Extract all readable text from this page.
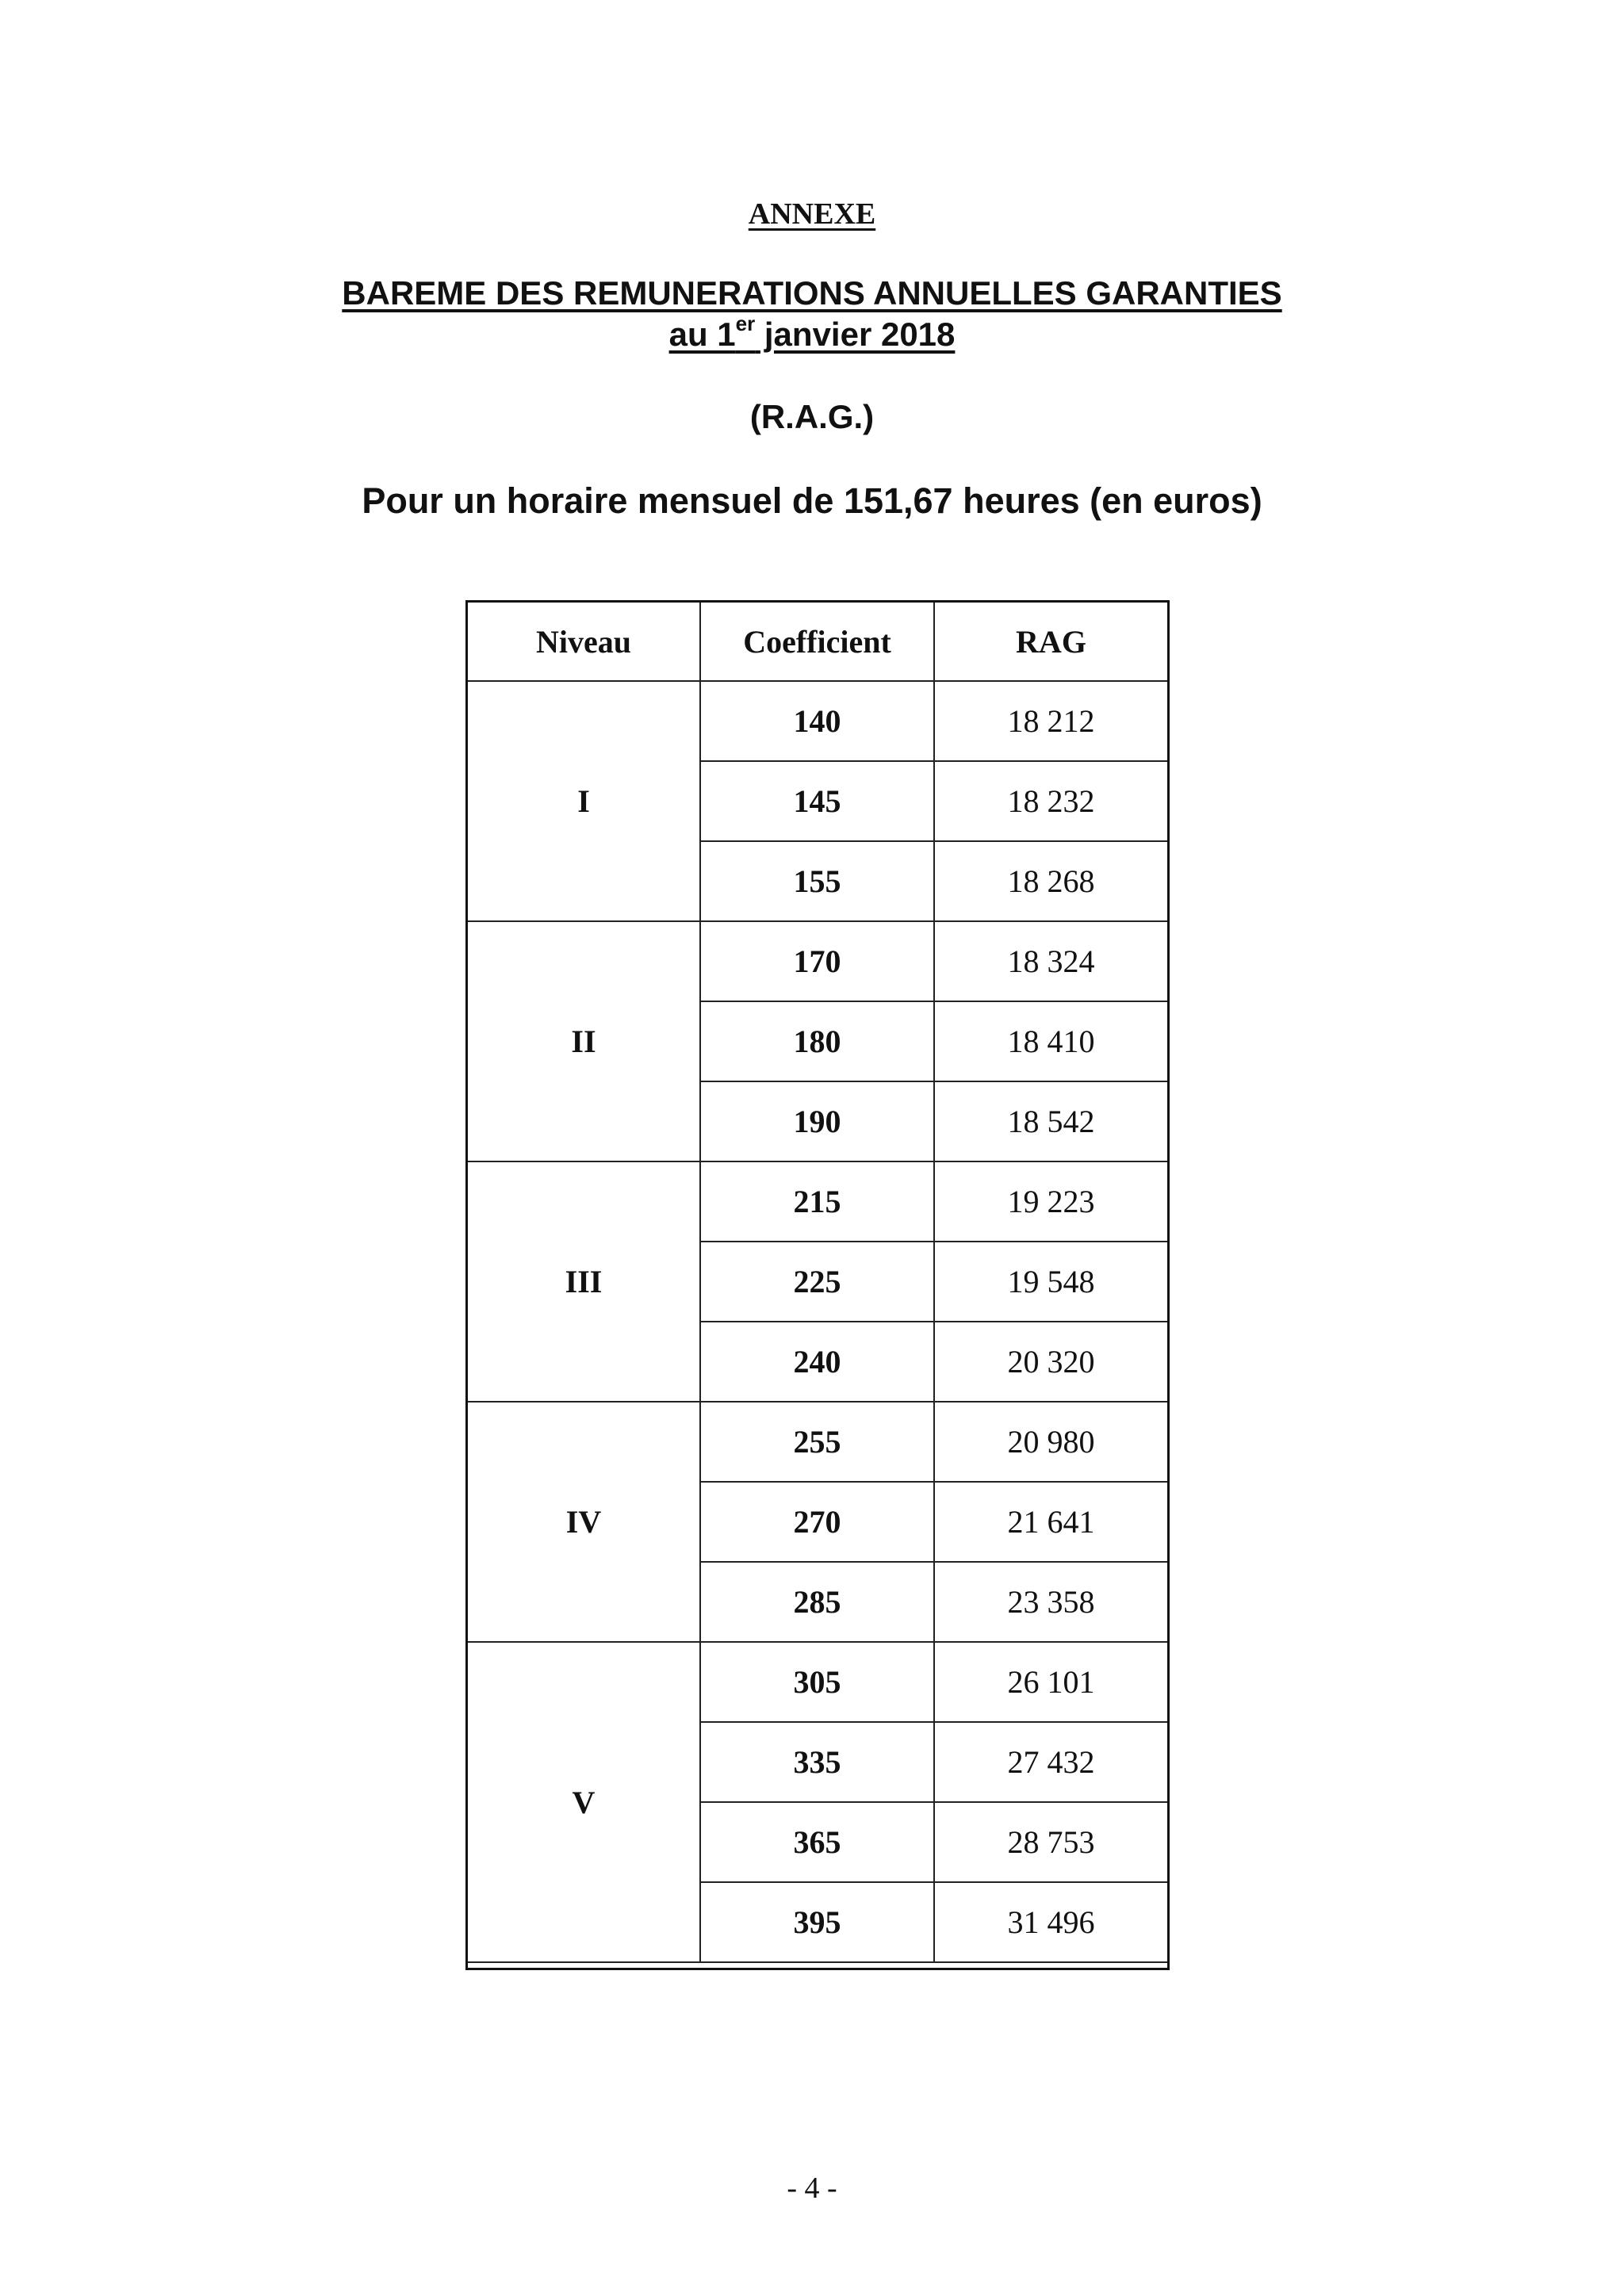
ANNEXE
BAREME DES REMUNERATIONS ANNUELLES GARANTIES
au 1er janvier 2018
(R.A.G.)
Pour un horaire mensuel de 151,67 heures (en euros)
Niveau	Coefficient	RAG
I	140	18 212
	145	18 232
	155	18 268
II	170	18 324
	180	18 410
	190	18 542
III	215	19 223
	225	19 548
	240	20 320
IV	255	20 980
	270	21 641
	285	23 358
V	305	26 101
	335	27 432
	365	28 753
	395	31 496
- 4 -
